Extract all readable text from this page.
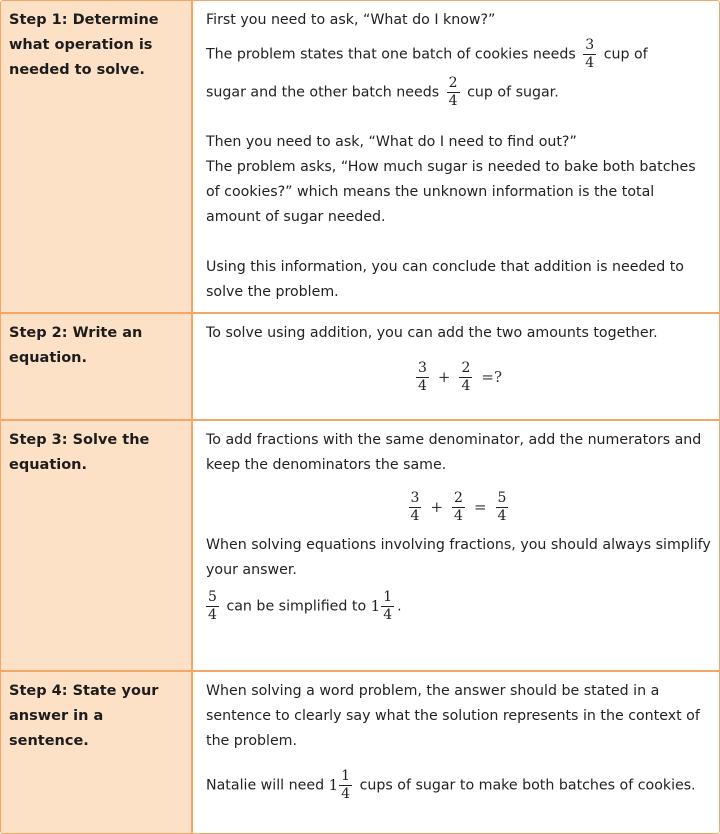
Step 1: Determine what operation is needed to solve.

First you need to ask, “What do I know?”

The problem states that one batch of cookies needs $\frac{3}{4}$ cup of

sugar and the other batch needs $\frac{2}{4}$ cup of sugar.

Then you need to ask, “What do I need to find out?”

The problem asks, “How much sugar is needed to bake both batches of cookies?” which means the unknown information is the total amount of sugar needed.

Using this information, you can conclude that addition is needed to solve the problem.

Step 2: Write an equation.

To solve using addition, you can add the two amounts together.

$\frac{3}{4} + \frac{2}{4}$ =?
Step 3: Solve the equation.

To add fractions with the same denominator, add the numerators and keep the denominators the same.

$\frac{3}{4} + \frac{2}{4} = \frac{5}{4}$

When solving equations involving fractions, you should always simplify your answer.

$\frac{5}{4}$ can be simplified to $1 \frac{1}{4}$ .

Step 4: State your answer in a sentence.

When solving a word problem, the answer should be stated in a sentence to clearly say what the solution represents in the context of the problem.

Natalie will need $1 \frac{1}{4}$ cups of sugar to make both batches of cookies.
